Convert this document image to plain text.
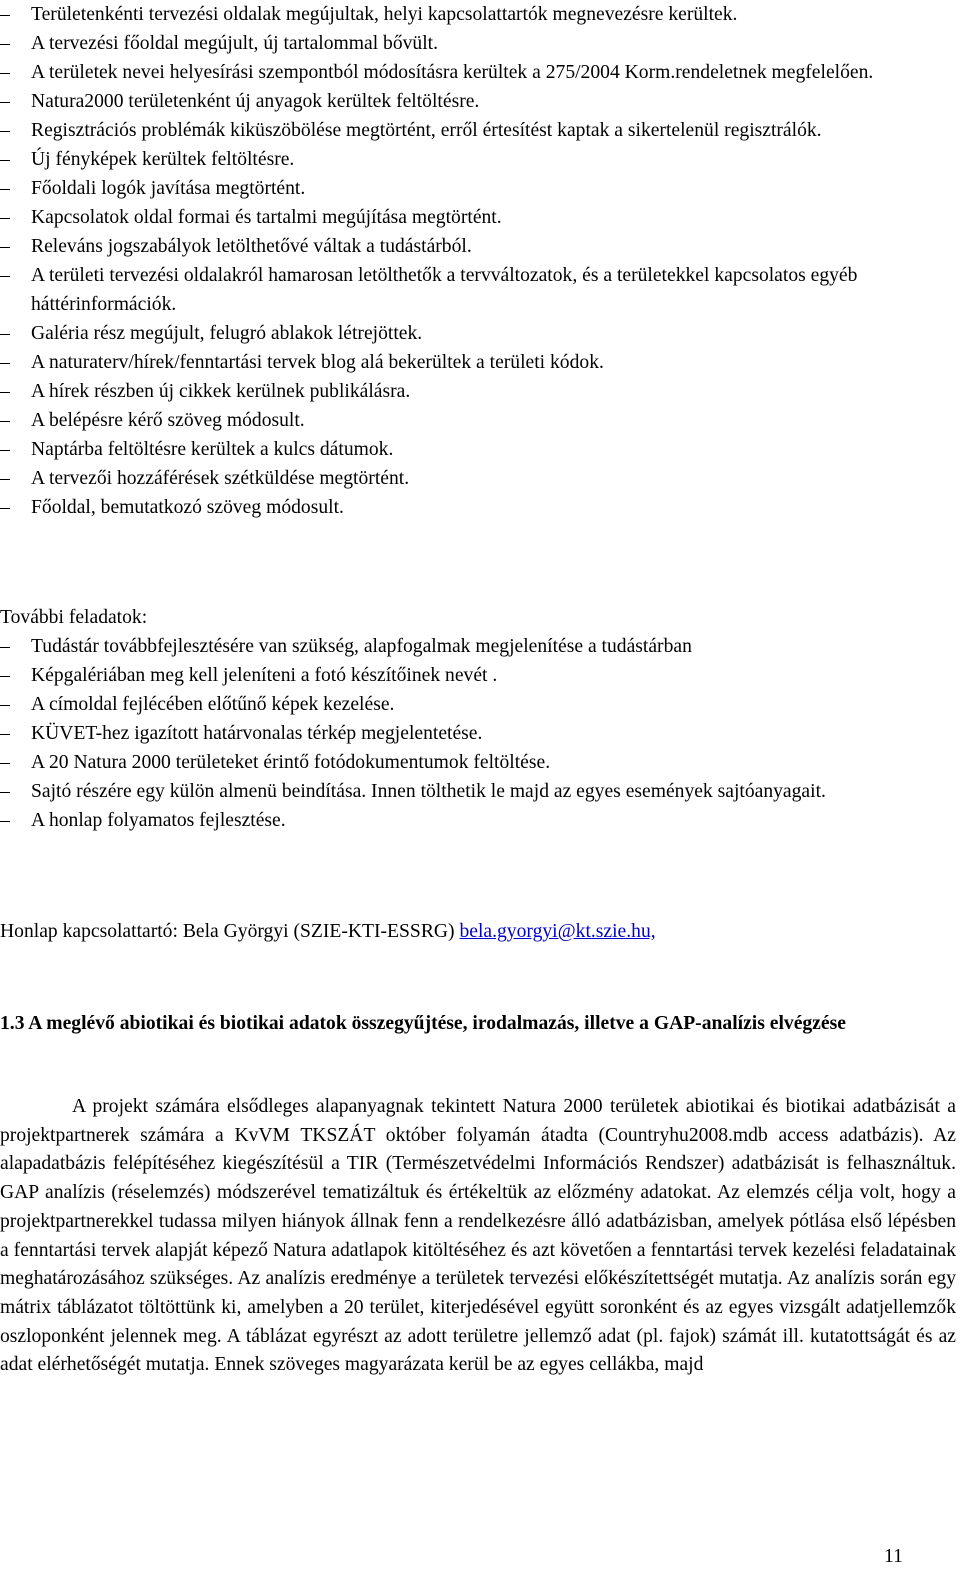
–	Területenkénti tervezési oldalak megújultak, helyi kapcsolattartók megnevezésre kerültek.
–	A tervezési főoldal megújult, új tartalommal bővült.
–	A területek nevei helyesírási szempontból módosításra kerültek a 275/2004 Korm.rendeletnek megfelelően.
–	Natura2000 területenként új anyagok kerültek feltöltésre.
–	Regisztrációs problémák kiküszöbölése megtörtént, erről értesítést kaptak a sikertelenül regisztrálók.
–	Új fényképek kerültek feltöltésre.
–	Főoldali logók javítása megtörtént.
–	Kapcsolatok oldal formai és tartalmi megújítása megtörtént.
–	Releváns jogszabályok letölthetővé váltak a tudástárból.
–	A területi tervezési oldalakról hamarosan letölthetők a tervváltozatok, és a területekkel kapcsolatos egyéb háttérinformációk.
–	Galéria rész megújult, felugró ablakok létrejöttek.
–	A naturaterv/hírek/fenntartási tervek blog alá bekerültek a területi kódok.
–	A hírek részben új cikkek kerülnek publikálásra.
–	A belépésre kérő szöveg módosult.
–	Naptárba feltöltésre kerültek a kulcs dátumok.
–	A tervezői hozzáférések szétküldése megtörtént.
–	Főoldal, bemutatkozó szöveg módosult.
További feladatok:
–	Tudástár továbbfejlesztésére van szükség, alapfogalmak megjelenítése a tudástárban
–	Képgalériában meg kell jeleníteni a fotó készítőinek nevét .
–	A címoldal fejlécében előtűnő képek kezelése.
–	KÜVET-hez igazított határvonalas térkép megjelentetése.
–	A 20 Natura 2000 területeket érintő fotódokumentumok feltöltése.
–	Sajtó részére egy külön almenü beindítása. Innen tölthetik le majd az egyes események sajtóanyagait.
–	A honlap folyamatos fejlesztése.
Honlap kapcsolattartó: Bela Györgyi (SZIE-KTI-ESSRG) bela.gyorgyi@kt.szie.hu,
1.3 A meglévő abiotikai és biotikai adatok összegyűjtése, irodalmazás, illetve a GAP-analízis elvégzése

A projekt számára elsődleges alapanyagnak tekintett Natura 2000 területek abiotikai és biotikai adatbázisát a projektpartnerek számára a KvVM TKSZÁT október folyamán átadta (Countryhu2008.mdb access adatbázis). Az alapadatbázis felépítéséhez kiegészítésül a TIR (Természetvédelmi Információs Rendszer) adatbázisát is felhasználtuk. GAP analízis (réselemzés) módszerével tematizáltuk és értékeltük az előzmény adatokat. Az elemzés célja volt, hogy a projektpartnerekkel tudassa milyen hiányok állnak fenn a rendelkezésre álló adatbázisban, amelyek pótlása első lépésben a fenntartási tervek alapját képező Natura adatlapok kitöltéséhez és azt követően a fenntartási tervek kezelési feladatainak meghatározásához szükséges. Az analízis eredménye a területek tervezési előkészítettségét mutatja. Az analízis során egy mátrix táblázatot töltöttünk ki, amelyben a 20 terület, kiterjedésével együtt soronként és az egyes vizsgált adatjellemzők oszloponként jelennek meg. A táblázat egyrészt az adott területre jellemző adat (pl. fajok) számát ill. kutatottságát és az adat elérhetőségét mutatja. Ennek szöveges magyarázata kerül be az egyes cellákba, majd

11
